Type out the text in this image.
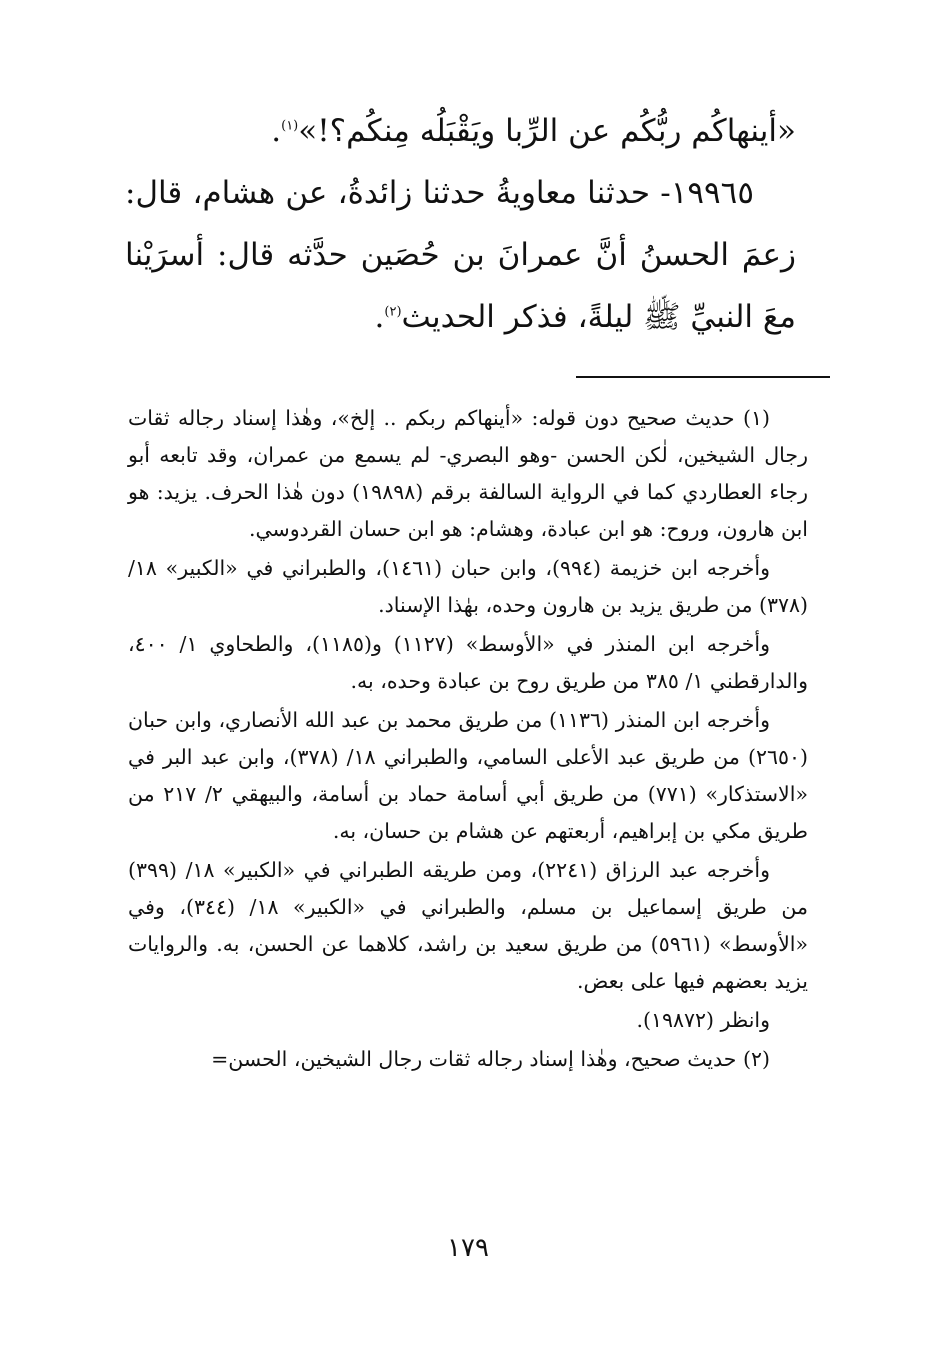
«أينهاكُم ربُّكُم عن الرِّبا ويَقْبَلُه مِنكُم؟!»$^{(١)}$.

١٩٩٦٥- حدثنا معاويةُ حدثنا زائدةُ، عن هشام، قال: زعمَ الحسنُ أنَّ عمرانَ بن حُصَين حدَّثه قال: أسرَيْنا معَ النبيِّ ﷺ ليلةً، فذكر الحديث$^{(٢)}$.

(١) حديث صحيح دون قوله: «أينهاكم ربكم .. إلخ»، وهٰذا إسناد رجاله ثقات رجال الشيخين، لٰكن الحسن -وهو البصري- لم يسمع من عمران، وقد تابعه أبو رجاء العطاردي كما في الرواية السالفة برقم (١٩٨٩٨) دون هٰذا الحرف. يزيد: هو ابن هارون، وروح: هو ابن عبادة، وهشام: هو ابن حسان القردوسي.

وأخرجه ابن خزيمة (٩٩٤)، وابن حبان (١٤٦١)، والطبراني في «الكبير» ١٨/ (٣٧٨) من طريق يزيد بن هارون وحده، بهٰذا الإسناد.

وأخرجه ابن المنذر في «الأوسط» (١١٢٧) و(١١٨٥)، والطحاوي ١/ ٤٠٠، والدارقطني ١/ ٣٨٥ من طريق روح بن عبادة وحده، به.

وأخرجه ابن المنذر (١١٣٦) من طريق محمد بن عبد الله الأنصاري، وابن حبان (٢٦٥٠) من طريق عبد الأعلى السامي، والطبراني ١٨/ (٣٧٨)، وابن عبد البر في «الاستذكار» (٧٧١) من طريق أبي أسامة حماد بن أسامة، والبيهقي ٢/ ٢١٧ من طريق مكي بن إبراهيم، أربعتهم عن هشام بن حسان، به.

وأخرجه عبد الرزاق (٢٢٤١)، ومن طريقه الطبراني في «الكبير» ١٨/ (٣٩٩) من طريق إسماعيل بن مسلم، والطبراني في «الكبير» ١٨/ (٣٤٤)، وفي «الأوسط» (٥٩٦١) من طريق سعيد بن راشد، كلاهما عن الحسن، به. والروايات يزيد بعضهم فيها على بعض.

وانظر (١٩٨٧٢).

(٢) حديث صحيح، وهٰذا إسناد رجاله ثقات رجال الشيخين، الحسن=

١٧٩
